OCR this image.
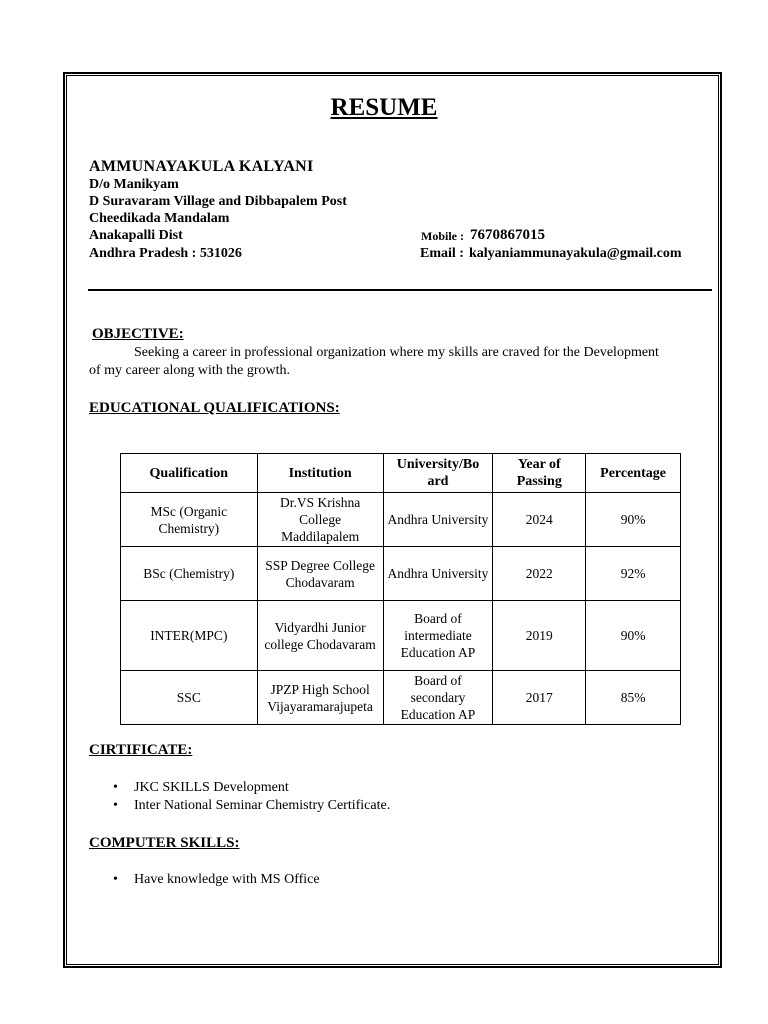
RESUME
AMMUNAYAKULA KALYANI
D/o Manikyam
D Suravaram Village and Dibbapalem Post
Cheedikada Mandalam
Anakapalli Dist
Andhra Pradesh : 531026
Mobile : 7670867015
Email : kalyaniammunayakula@gmail.com
OBJECTIVE:
Seeking a career in professional organization where my skills are craved for the Development
of my career along with the growth.
EDUCATIONAL QUALIFICATIONS:
Qualification	Institution	University/Bo ard	Year of Passing	Percentage
MSc (Organic Chemistry)	Dr.VS Krishna College Maddilapalem	Andhra University	2024	90%
BSc (Chemistry)	SSP Degree College Chodavaram	Andhra University	2022	92%
INTER(MPC)	Vidyardhi Junior college Chodavaram	Board of intermediate Education AP	2019	90%
SSC	JPZP High School Vijayaramarajupeta	Board of secondary Education AP	2017	85%
CIRTIFICATE:
• JKC SKILLS Development
• Inter National Seminar Chemistry Certificate.
COMPUTER SKILLS:
• Have knowledge with MS Office
